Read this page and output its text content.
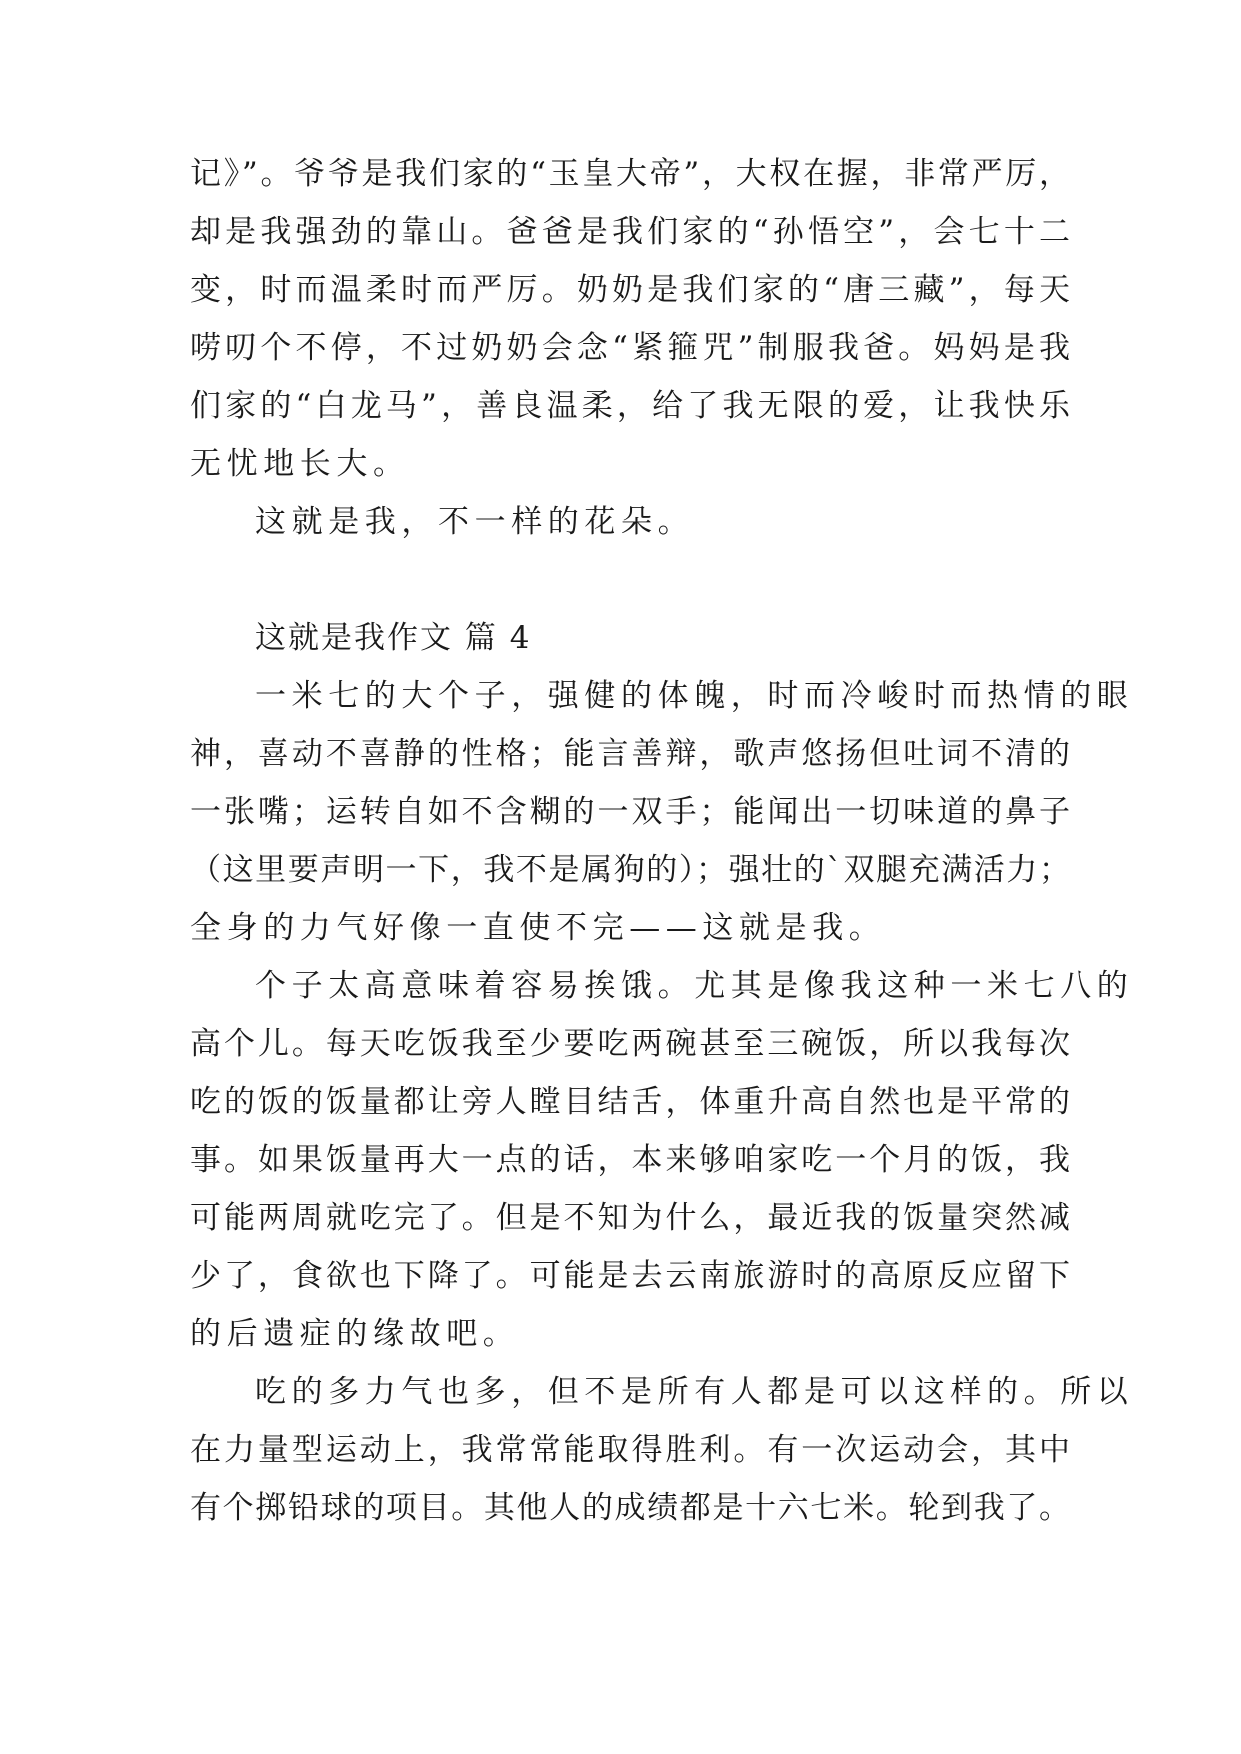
记》”。爷爷是我们家的“玉皇大帝”，大权在握，非常严厉，
却是我强劲的靠山。爸爸是我们家的“孙悟空”，会七十二
变，时而温柔时而严厉。奶奶是我们家的“唐三藏”，每天
唠叨个不停，不过奶奶会念“紧箍咒”制服我爸。妈妈是我
们家的“白龙马”，善良温柔，给了我无限的爱，让我快乐
无忧地长大。
这就是我，不一样的花朵。
这就是我作文 篇 4
一米七的大个子，强健的体魄，时而冷峻时而热情的眼
神，喜动不喜静的性格；能言善辩，歌声悠扬但吐词不清的
一张嘴；运转自如不含糊的一双手；能闻出一切味道的鼻子
（这里要声明一下，我不是属狗的）；强壮的`双腿充满活力；
全身的力气好像一直使不完——这就是我。
个子太高意味着容易挨饿。尤其是像我这种一米七八的
高个儿。每天吃饭我至少要吃两碗甚至三碗饭，所以我每次
吃的饭的饭量都让旁人瞠目结舌，体重升高自然也是平常的
事。如果饭量再大一点的话，本来够咱家吃一个月的饭，我
可能两周就吃完了。但是不知为什么，最近我的饭量突然减
少了，食欲也下降了。可能是去云南旅游时的高原反应留下
的后遗症的缘故吧。
吃的多力气也多，但不是所有人都是可以这样的。所以
在力量型运动上，我常常能取得胜利。有一次运动会，其中
有个掷铅球的项目。其他人的成绩都是十六七米。轮到我了。
